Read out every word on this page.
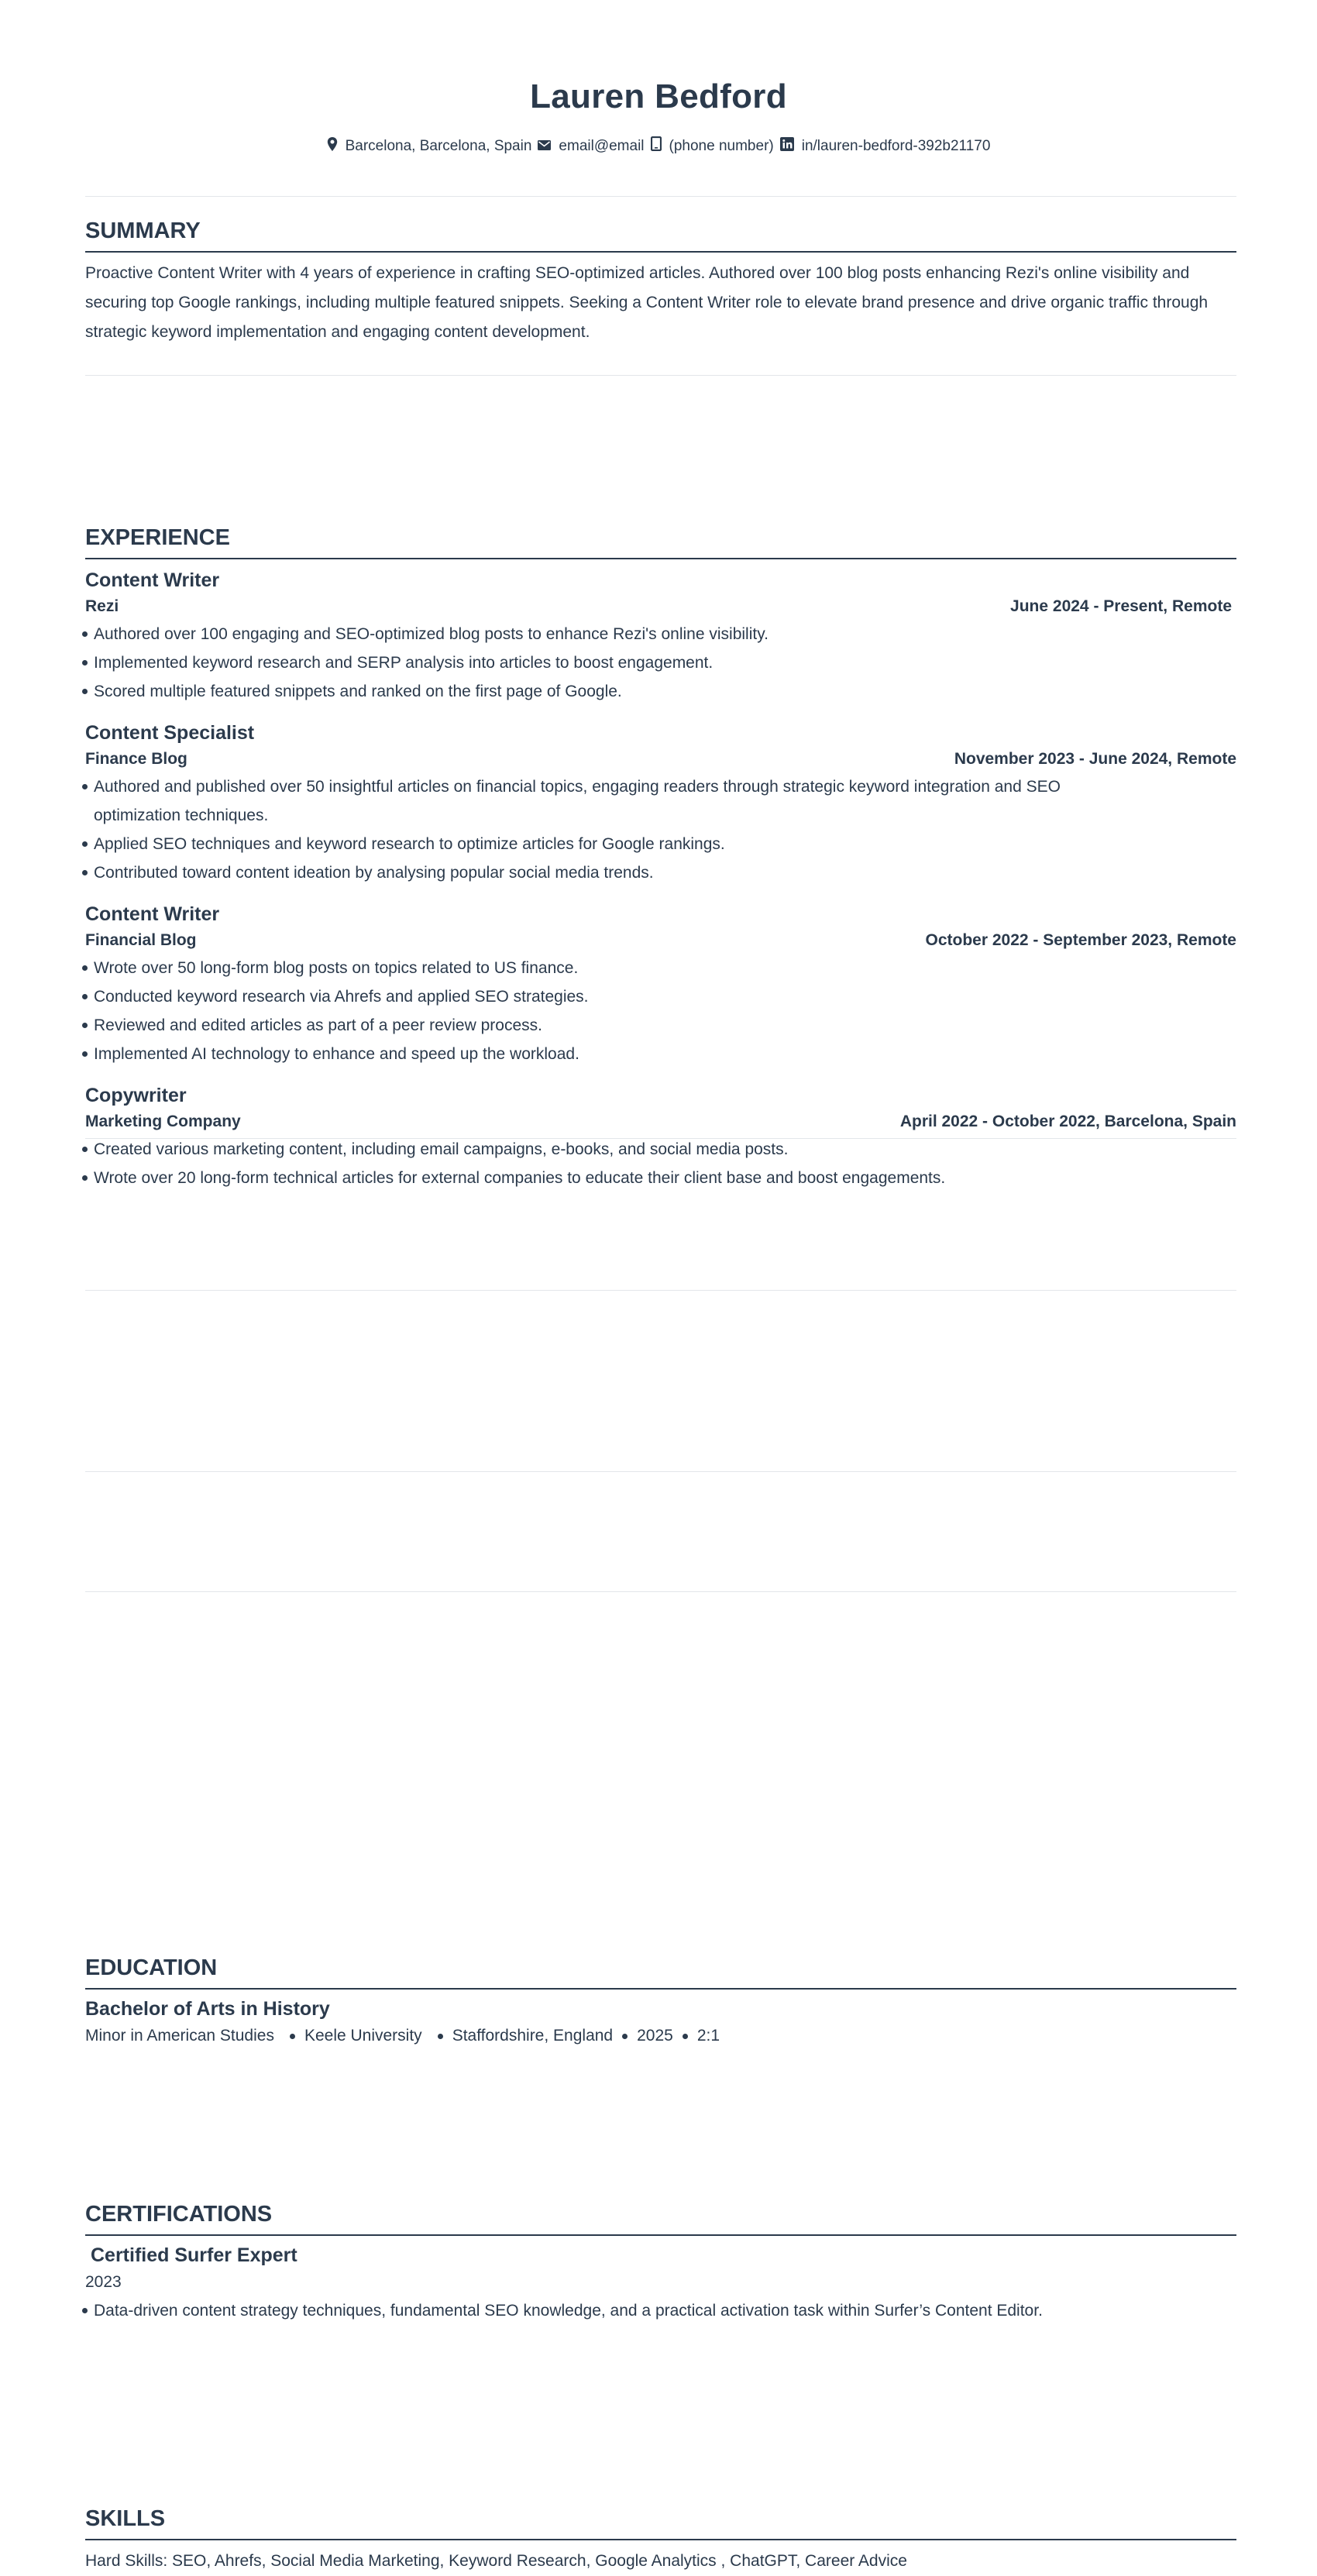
Lauren Bedford
Barcelona, Barcelona, Spain email@email (phone number) in/lauren-bedford-392b21170
SUMMARY
Proactive Content Writer with 4 years of experience in crafting SEO-optimized articles. Authored over 100 blog posts enhancing Rezi's online visibility and securing top Google rankings, including multiple featured snippets. Seeking a Content Writer role to elevate brand presence and drive organic traffic through strategic keyword implementation and engaging content development.
EXPERIENCE
Content Writer
Rezi	June 2024 - Present, Remote
Authored over 100 engaging and SEO-optimized blog posts to enhance Rezi's online visibility.
Implemented keyword research and SERP analysis into articles to boost engagement.
Scored multiple featured snippets and ranked on the first page of Google.
Content Specialist
Finance Blog	November 2023 - June 2024, Remote
Authored and published over 50 insightful articles on financial topics, engaging readers through strategic keyword integration and SEO optimization techniques.
Applied SEO techniques and keyword research to optimize articles for Google rankings.
Contributed toward content ideation by analysing popular social media trends.
Content Writer
Financial Blog	October 2022 - September 2023, Remote
Wrote over 50 long-form blog posts on topics related to US finance.
Conducted keyword research via Ahrefs and applied SEO strategies.
Reviewed and edited articles as part of a peer review process.
Implemented AI technology to enhance and speed up the workload.
Copywriter
Marketing Company	April 2022 - October 2022, Barcelona, Spain
Created various marketing content, including email campaigns, e-books, and social media posts.
Wrote over 20 long-form technical articles for external companies to educate their client base and boost engagements.
EDUCATION
Bachelor of Arts in History
Minor in American Studies Keele University Staffordshire, England 2025 2:1
CERTIFICATIONS
Certified Surfer Expert
2023
Data-driven content strategy techniques, fundamental SEO knowledge, and a practical activation task within Surfer’s Content Editor.
SKILLS
Hard Skills: SEO, Ahrefs, Social Media Marketing, Keyword Research, Google Analytics , ChatGPT, Career Advice
